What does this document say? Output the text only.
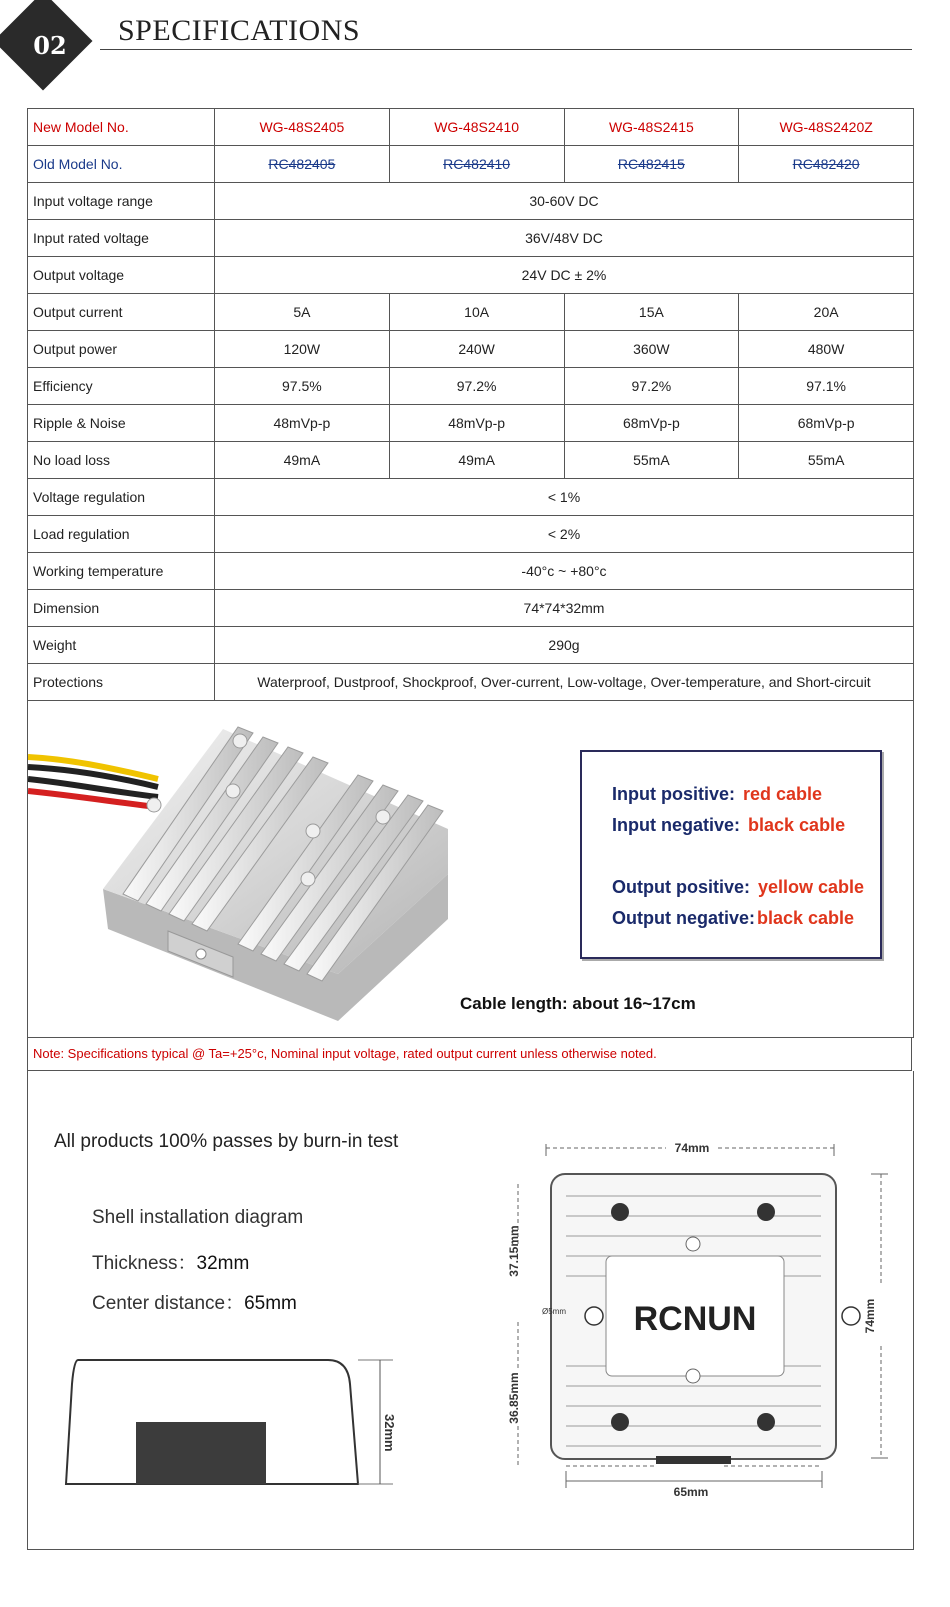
02	SPECIFICATIONS
New Model No.	WG-48S2405	WG-48S2410	WG-48S2415	WG-48S2420Z
Old Model No.	RC482405	RC482410	RC482415	RC482420
Input voltage range	30-60V DC			
Input rated voltage	36V/48V DC			
Output voltage	24V DC ± 2%			
Output current	5A	10A	15A	20A
Output power	120W	240W	360W	480W
Efficiency	97.5%	97.2%	97.2%	97.1%
Ripple & Noise	48mVp-p	48mVp-p	68mVp-p	68mVp-p
No load loss	49mA	49mA	55mA	55mA
Voltage regulation	< 1%			
Load regulation	< 2%			
Working temperature	-40°c ~ +80°c			
Dimension	74*74*32mm			
Weight	290g			
Protections	Waterproof, Dustproof, Shockproof, Over-current, Low-voltage, Over-temperature, and Short-circuit			
Input positive: red cable
Input negative: black cable
Output positive: yellow cable
Output negative: black cable
Cable length: about 16~17cm
Note: Specifications typical @ Ta=+25°c, Nominal input voltage, rated output current unless otherwise noted.
All products 100% passes by burn-in test
Shell installation diagram
Thickness：32mm
Center distance：65mm
32mm
RCNUN
74mm
65mm
74mm
37.15mm
36.85mm
Ø5mm
